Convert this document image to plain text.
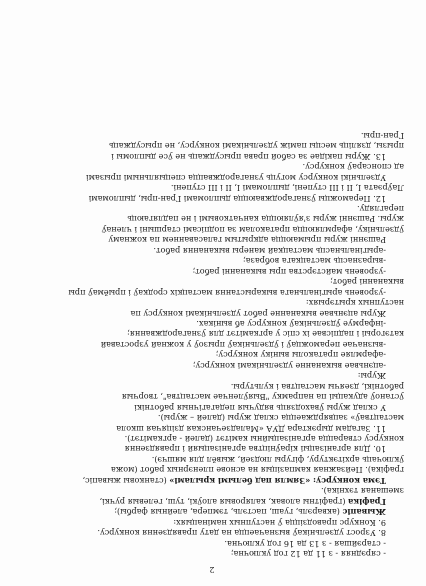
2
- сярэдняя - з 11 да 12 год уключна;
- старэйшая - з 13 да 16 год уключна.
8. Узрост удзельнікаў вызначаецца на дату правядзення конкурсу.
9. Конкурс праводзіцца ў наступных намінацыях:
Жывапіс (акварэль, гуаш, пастэль, тэмпера, алейныя фарбы);
Графіка (графітны аловак, каляровыя алоўкі, туш, гелевыя ручкі,
змешаная тэхніка).
Тэма конкурсу: «Зямля пад белымі крыламі» (станковы жывапіс,
графіка). Пейзажная кампазіцыя на аснове пленэрных работ (можа
ўключаць архітэктуру, фігуры людзей, жывёл для мяшчэ).
10. Для арганізацыі кіраўніцтва арганізацыяй і правядзення
конкурсу стварацца арганізацыйны камітэт (далей - аргкамітэт).
11. Загадам дырэктара ДУА «Маладзечанская дзіцячая школа
мастацтваў» зацвярджаецца склад журы (далей – журы).
У склад журы ўваходзяць вядучыя педагагічныя работнікі
ўстаноў адукацыі па напрамку "Выяўленчае мастацтва", творчыя
работнікі, дзеячы мастацтва і культуры.
Журы:
-ацэньвае выкананне удзельнікамі конкурсу;
-афармляе пратаколы выніку конкурсу;
-вызначае пераможцаў і ўдзельнікаў прызоў у кожнай узроставай
катэгорыі і падпісвае іх спіс у аргкамітэт для ўзнагароджвання;
-інфармуе ўдзельнікаў конкурсу аб выніках.
Журы ацэньвае выкананне работ удзельнікамі конкурсу па
наступных крытэрыях:
-узровень арыгінальнага выкарыстання мастацкіх сродкаў і прыёмаў пры
выкананні работ;
-узровень майстэрства пры выкананні работ;
-выразнасць мастацкага вобраза;
-арыгінальнасць мастацкай манеры выканання работ.
Рашэнні журы прымаюцца адкрытым галасаваннем па кожнаму
ўдзельніку, афармляюцца пратаколам за подпісамі старшыні і членаў
журы. Рашэнні журы з'яўляюцца канчатковымі і не падлягаюць
перагляду.
12. Пераможцы ўзнагароджваюцца дыпломамі Гран-пры, дыпломамі
Лаўрэата І, ІІ і ІІІ ступені, дыпломамі І, ІІ і ІІІ ступені.
Удзельнікі конкурсу могуць узнагароджвацца спецыяльнымі прызамі
ад спонсараў конкурсу.
13. Журы пакідае за сабой права прысуджаць не ўсе дыпломы і
прызы, дзяліць месцы паміж удзельнікамі конкурсу, не прысуджаць
Гран-пры.
